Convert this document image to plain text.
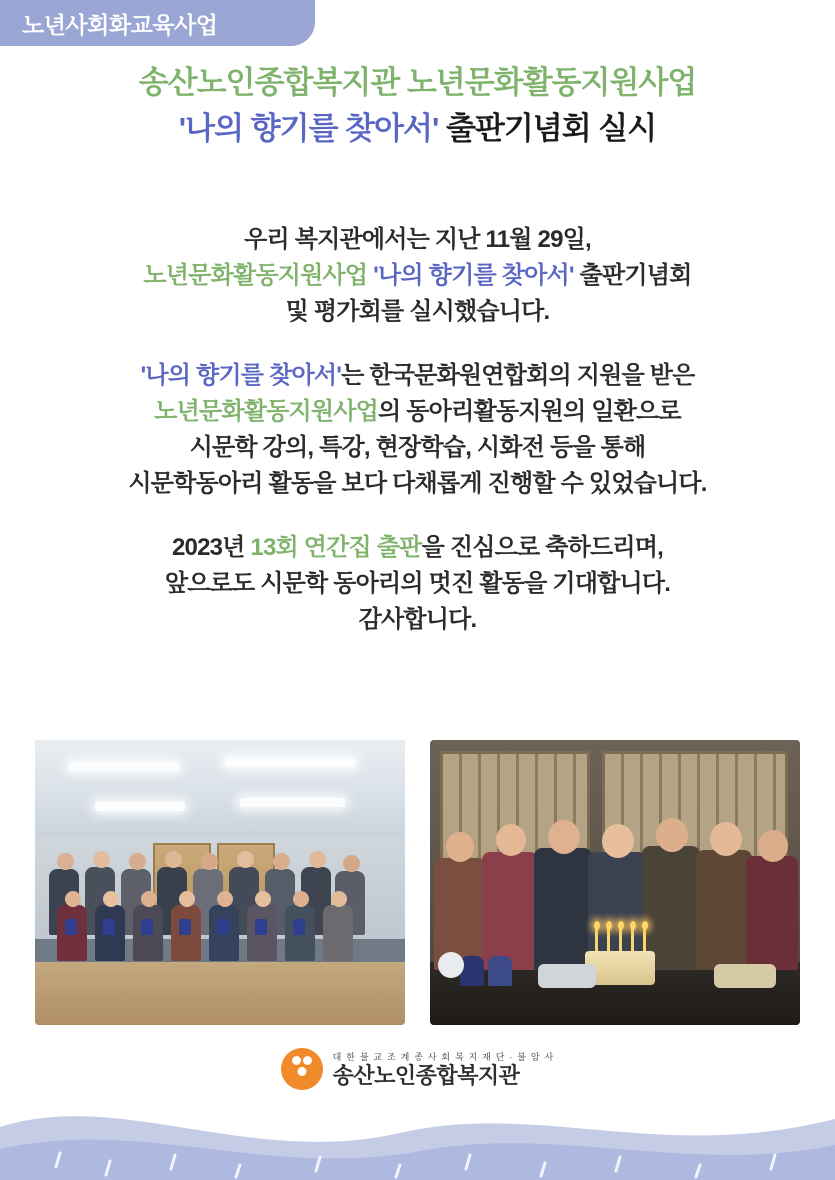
노년사회화교육사업
송산노인종합복지관 노년문화활동지원사업
'나의 향기를 찾아서' 출판기념회 실시
우리 복지관에서는 지난 11월 29일,
노년문화활동지원사업 '나의 향기를 찾아서' 출판기념회
및 평가회를 실시했습니다.
'나의 향기를 찾아서'는 한국문화원연합회의 지원을 받은
노년문화활동지원사업의 동아리활동지원의 일환으로
시문학 강의, 특강, 현장학습, 시화전 등을 통해
시문학동아리 활동을 보다 다채롭게 진행할 수 있었습니다.
2023년 13회 연간집 출판을 진심으로 축하드리며,
앞으로도 시문학 동아리의 멋진 활동을 기대합니다.
감사합니다.
대 한 불 교 조 계 종 사 회 복 지 재 단 · 불 암 사
송산노인종합복지관
